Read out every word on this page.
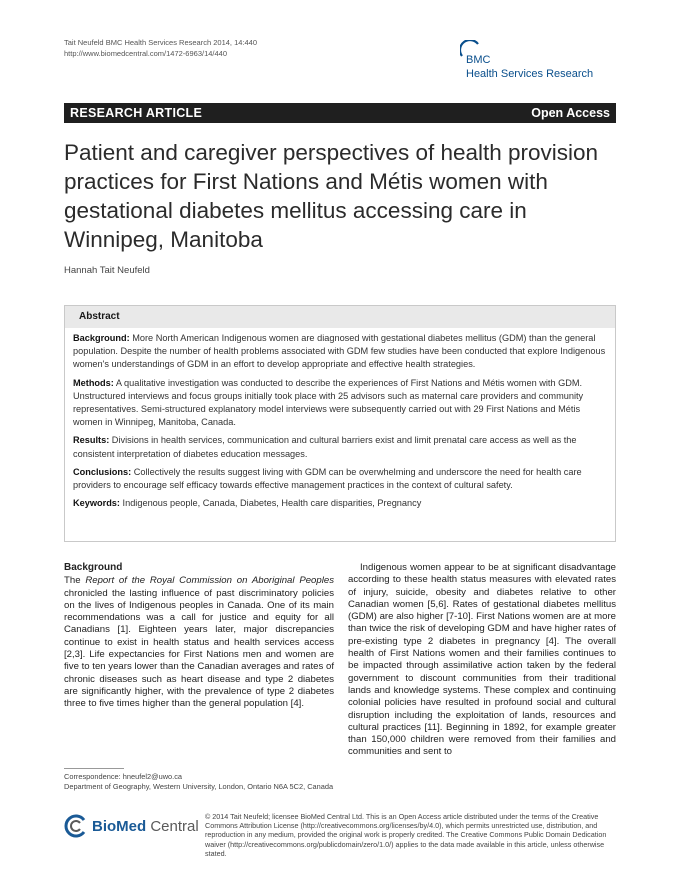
Tait Neufeld BMC Health Services Research 2014, 14:440
http://www.biomedcentral.com/1472-6963/14/440
BMC
Health Services Research
RESEARCH ARTICLE	Open Access
Patient and caregiver perspectives of health provision practices for First Nations and Métis women with gestational diabetes mellitus accessing care in Winnipeg, Manitoba
Hannah Tait Neufeld
Abstract

Background: More North American Indigenous women are diagnosed with gestational diabetes mellitus (GDM) than the general population. Despite the number of health problems associated with GDM few studies have been conducted that explore Indigenous women's understandings of GDM in an effort to develop appropriate and effective health strategies.

Methods: A qualitative investigation was conducted to describe the experiences of First Nations and Métis women with GDM. Unstructured interviews and focus groups initially took place with 25 advisors such as maternal care providers and community representatives. Semi-structured explanatory model interviews were subsequently carried out with 29 First Nations and Métis women in Winnipeg, Manitoba, Canada.

Results: Divisions in health services, communication and cultural barriers exist and limit prenatal care access as well as the consistent interpretation of diabetes education messages.

Conclusions: Collectively the results suggest living with GDM can be overwhelming and underscore the need for health care providers to encourage self efficacy towards effective management practices in the context of cultural safety.

Keywords: Indigenous people, Canada, Diabetes, Health care disparities, Pregnancy

Background

The Report of the Royal Commission on Aboriginal Peoples chronicled the lasting influence of past discriminatory policies on the lives of Indigenous peoples in Canada. One of its main recommendations was a call for justice and equity for all Canadians [1]. Eighteen years later, major discrepancies continue to exist in health status and health services access [2,3]. Life expectancies for First Nations men and women are five to ten years lower than the Canadian averages and rates of chronic diseases such as heart disease and type 2 diabetes are significantly higher, with the prevalence of type 2 diabetes three to five times higher than the general population [4].

Indigenous women appear to be at significant disadvantage according to these health status measures with elevated rates of injury, suicide, obesity and diabetes relative to other Canadian women [5,6]. Rates of gestational diabetes mellitus (GDM) are also higher [7-10]. First Nations women are at more than twice the risk of developing GDM and have higher rates of pre-existing type 2 diabetes in pregnancy [4]. The overall health of First Nations women and their families continues to be impacted through assimilative action taken by the federal government to discount communities from their traditional lands and knowledge systems. These complex and continuing colonial policies have resulted in profound social and cultural disruption including the exploitation of lands, resources and cultural practices [11]. Beginning in 1892, for example greater than 150,000 children were removed from their families and communities and sent to

Correspondence: hneufel2@uwo.ca
Department of Geography, Western University, London, Ontario N6A 5C2, Canada
BioMed Central
© 2014 Tait Neufeld; licensee BioMed Central Ltd. This is an Open Access article distributed under the terms of the Creative Commons Attribution License (http://creativecommons.org/licenses/by/4.0), which permits unrestricted use, distribution, and reproduction in any medium, provided the original work is properly credited. The Creative Commons Public Domain Dedication waiver (http://creativecommons.org/publicdomain/zero/1.0/) applies to the data made available in this article, unless otherwise stated.
